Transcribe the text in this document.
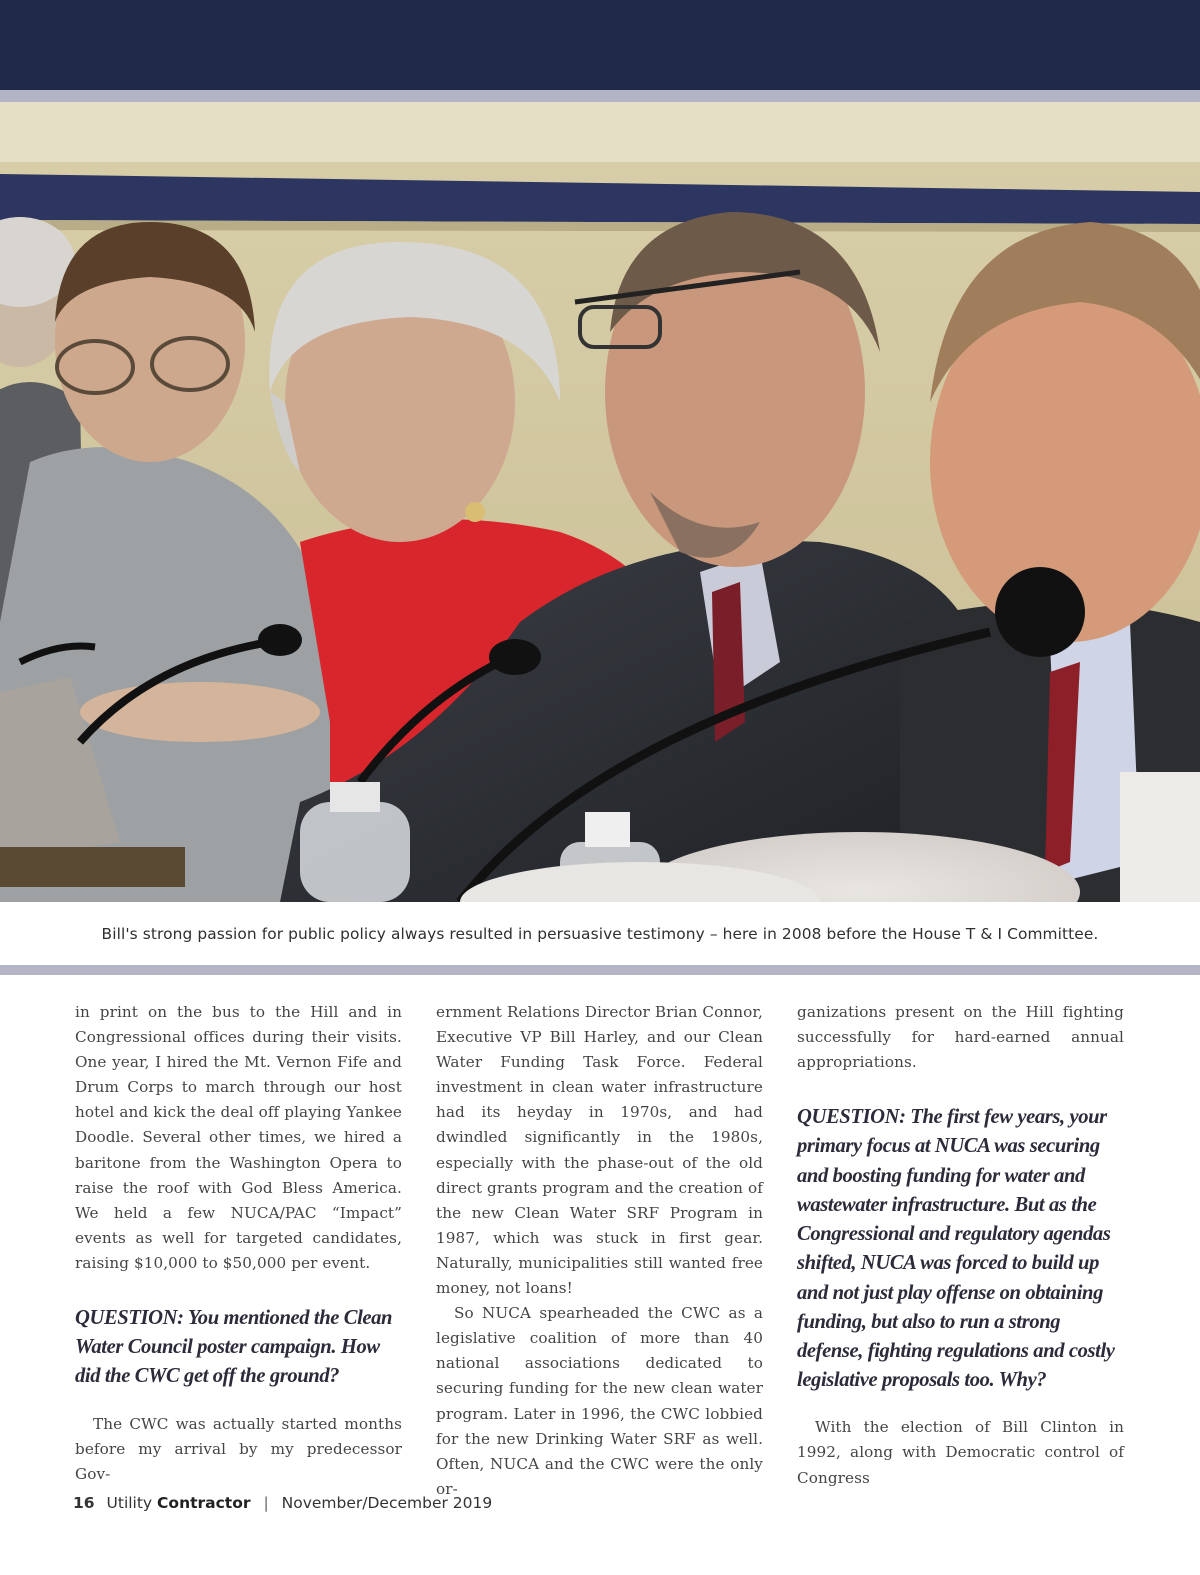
Bill's strong passion for public policy always resulted in persuasive testimony – here in 2008 before the House T & I Committee.

in print on the bus to the Hill and in Congressional offices during their visits. One year, I hired the Mt. Vernon Fife and Drum Corps to march through our host hotel and kick the deal off playing Yankee Doodle. Several other times, we hired a baritone from the Washington Opera to raise the roof with God Bless America. We held a few NUCA/PAC “Impact” events as well for targeted candidates, raising $10,000 to $50,000 per event.

QUESTION: You mentioned the Clean Water Council poster campaign. How did the CWC get off the ground?

The CWC was actually started months before my arrival by my predecessor Gov-

ernment Relations Director Brian Connor, Executive VP Bill Harley, and our Clean Water Funding Task Force. Federal investment in clean water infrastructure had its heyday in 1970s, and had dwindled significantly in the 1980s, especially with the phase-out of the old direct grants program and the creation of the new Clean Water SRF Program in 1987, which was stuck in first gear. Naturally, municipalities still wanted free money, not loans!

So NUCA spearheaded the CWC as a legislative coalition of more than 40 national associations dedicated to securing funding for the new clean water program. Later in 1996, the CWC lobbied for the new Drinking Water SRF as well. Often, NUCA and the CWC were the only or-

ganizations present on the Hill fighting successfully for hard-earned annual appropriations.

QUESTION: The first few years, your primary focus at NUCA was securing and boosting funding for water and wastewater infrastructure. But as the Congressional and regulatory agendas shifted, NUCA was forced to build up and not just play offense on obtaining funding, but also to run a strong defense, fighting regulations and costly legislative proposals too. Why?

With the election of Bill Clinton in 1992, along with Democratic control of Congress

16 Utility Contractor | November/December 2019
